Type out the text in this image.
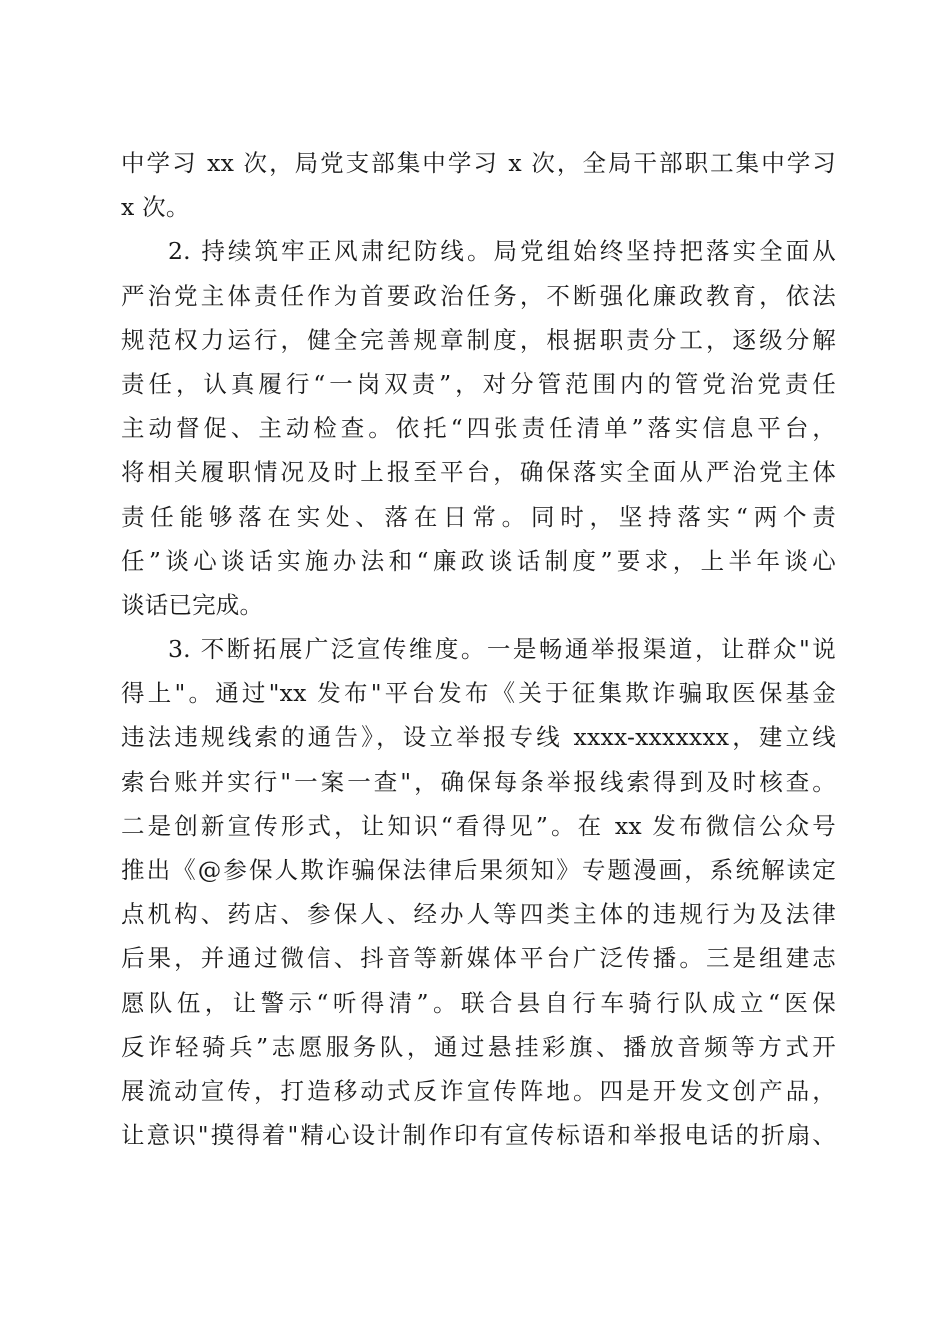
中学习 xx 次，局党支部集中学习 x 次，全局干部职工集中学习
x 次。
2. 持续筑牢正风肃纪防线。局党组始终坚持把落实全面从
严治党主体责任作为首要政治任务，不断强化廉政教育，依法
规范权力运行，健全完善规章制度，根据职责分工，逐级分解
责任，认真履行“一岗双责”，对分管范围内的管党治党责任
主动督促、主动检查。依托“四张责任清单”落实信息平台，
将相关履职情况及时上报至平台，确保落实全面从严治党主体
责任能够落在实处、落在日常。同时，坚持落实“两个责
任”谈心谈话实施办法和“廉政谈话制度”要求，上半年谈心
谈话已完成。
3. 不断拓展广泛宣传维度。一是畅通举报渠道，让群众"说
得上"。通过"xx 发布"平台发布《关于征集欺诈骗取医保基金
违法违规线索的通告》，设立举报专线 xxxx-xxxxxxx，建立线
索台账并实行"一案一查"，确保每条举报线索得到及时核查。
二是创新宣传形式，让知识“看得见”。在 xx 发布微信公众号
推出《@参保人欺诈骗保法律后果须知》专题漫画，系统解读定
点机构、药店、参保人、经办人等四类主体的违规行为及法律
后果，并通过微信、抖音等新媒体平台广泛传播。三是组建志
愿队伍，让警示“听得清”。联合县自行车骑行队成立“医保
反诈轻骑兵”志愿服务队，通过悬挂彩旗、播放音频等方式开
展流动宣传，打造移动式反诈宣传阵地。四是开发文创产品，
让意识"摸得着"精心设计制作印有宣传标语和举报电话的折扇、
